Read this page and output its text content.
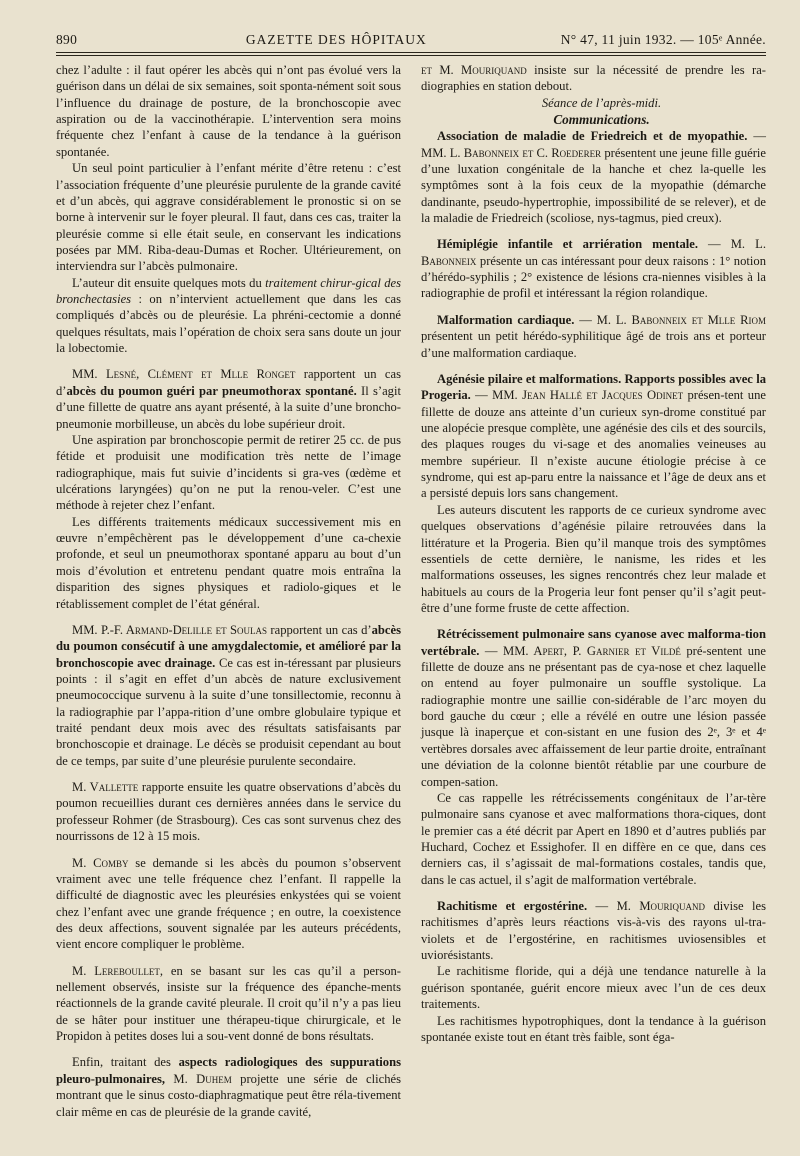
890	GAZETTE DES HÔPITAUX	N° 47, 11 juin 1932. — 105ᵉ Année.

chez l’adulte : il faut opérer les abcès qui n’ont pas évolué vers la guérison dans un délai de six semaines, soit sponta-nément soit sous l’influence du drainage de posture, de la bronchoscopie avec aspiration ou de la vaccinothérapie. L’intervention sera moins fréquente chez l’enfant à cause de la tendance à la guérison spontanée.

Un seul point particulier à l’enfant mérite d’être retenu : c’est l’association fréquente d’une pleurésie purulente de la grande cavité et d’un abcès, qui aggrave considérablement le pronostic si on se borne à intervenir sur le foyer pleural. Il faut, dans ces cas, traiter la pleurésie comme si elle était seule, en conservant les indications posées par MM. Riba-deau-Dumas et Rocher. Ultérieurement, on interviendra sur l’abcès pulmonaire.

L’auteur dit ensuite quelques mots du traitement chirur-gical des bronchectasies : on n’intervient actuellement que dans les cas compliqués d’abcès ou de pleurésie. La phréni-cectomie a donné quelques résultats, mais l’opération de choix sera sans doute un jour la lobectomie.

MM. Lesné, Clément et Mlle Ronget rapportent un cas d’abcès du poumon guéri par pneumothorax spontané. Il s’agit d’une fillette de quatre ans ayant présenté, à la suite d’une broncho-pneumonie morbilleuse, un abcès du lobe supérieur droit.

Une aspiration par bronchoscopie permit de retirer 25 cc. de pus fétide et produisit une modification très nette de l’image radiographique, mais fut suivie d’incidents si gra-ves (œdème et ulcérations laryngées) qu’on ne put la renou-veler. C’est une méthode à rejeter chez l’enfant.

Les différents traitements médicaux successivement mis en œuvre n’empêchèrent pas le développement d’une ca-chexie profonde, et seul un pneumothorax spontané apparu au bout d’un mois d’évolution et entretenu pendant quatre mois entraîna la disparition des signes physiques et radiolo-giques et le rétablissement complet de l’état général.

MM. P.-F. Armand-Delille et Soulas rapportent un cas d’abcès du poumon consécutif à une amygdalectomie, et amélioré par la bronchoscopie avec drainage. Ce cas est in-téressant par plusieurs points : il s’agit en effet d’un abcès de nature exclusivement pneumococcique survenu à la suite d’une tonsillectomie, reconnu à la radiographie par l’appa-rition d’une ombre globulaire typique et traité pendant deux mois avec des résultats satisfaisants par bronchoscopie et drainage. Le décès se produisit cependant au bout de ce temps, par suite d’une pleurésie purulente secondaire.

M. Vallette rapporte ensuite les quatre observations d’abcès du poumon recueillies durant ces dernières années dans le service du professeur Rohmer (de Strasbourg). Ces cas sont survenus chez des nourrissons de 12 à 15 mois.

M. Comby se demande si les abcès du poumon s’observent vraiment avec une telle fréquence chez l’enfant. Il rappelle la difficulté de diagnostic avec les pleurésies enkystées qui se voient chez l’enfant avec une grande fréquence ; en outre, la coexistence des deux affections, souvent signalée par les auteurs précédents, vient encore compliquer le problème.

M. Lereboullet, en se basant sur les cas qu’il a person-nellement observés, insiste sur la fréquence des épanche-ments réactionnels de la grande cavité pleurale. Il croit qu’il n’y a pas lieu de se hâter pour instituer une thérapeu-tique chirurgicale, et le Propidon à petites doses lui a sou-vent donné de bons résultats.

Enfin, traitant des aspects radiologiques des suppurations pleuro-pulmonaires, M. Duhem projette une série de clichés montrant que le sinus costo-diaphragmatique peut être réla-tivement clair même en cas de pleurésie de la grande cavité,

et M. Mouriquand insiste sur la nécessité de prendre les ra-diographies en station debout.

Séance de l’après-midi.

Communications.

Association de maladie de Friedreich et de myopathie. — MM. L. Babonneix et C. Roederer présentent une jeune fille guérie d’une luxation congénitale de la hanche et chez la-quelle les symptômes sont à la fois ceux de la myopathie (démarche dandinante, pseudo-hypertrophie, impossibilité de se relever), et de la maladie de Friedreich (scoliose, nys-tagmus, pied creux).

Hémiplégie infantile et arriération mentale. — M. L. Babonneix présente un cas intéressant pour deux raisons : 1° notion d’hérédo-syphilis ; 2° existence de lésions cra-niennes visibles à la radiographie de profil et intéressant la région rolandique.

Malformation cardiaque. — M. L. Babonneix et Mlle Riom présentent un petit hérédo-syphilitique âgé de trois ans et porteur d’une malformation cardiaque.

Agénésie pilaire et malformations. Rapports possibles avec la Progeria. — MM. Jean Hallé et Jacques Odinet présen-tent une fillette de douze ans atteinte d’un curieux syn-drome constitué par une alopécie presque complète, une agénésie des cils et des sourcils, des plaques rouges du vi-sage et des anomalies veineuses au membre supérieur. Il n’existe aucune étiologie précise à ce syndrome, qui est ap-paru entre la naissance et l’âge de deux ans et a persisté depuis lors sans changement.

Les auteurs discutent les rapports de ce curieux syndrome avec quelques observations d’agénésie pilaire retrouvées dans la littérature et la Progeria. Bien qu’il manque trois des symptômes essentiels de cette dernière, le nanisme, les rides et les malformations osseuses, les signes rencontrés chez leur malade et habituels au cours de la Progeria leur font penser qu’il s’agit peut-être d’une forme fruste de cette affection.

Rétrécissement pulmonaire sans cyanose avec malforma-tion vertébrale. — MM. Apert, P. Garnier et Vildé pré-sentent une fillette de douze ans ne présentant pas de cya-nose et chez laquelle on entend au foyer pulmonaire un souffle systolique. La radiographie montre une saillie con-sidérable de l’arc moyen du bord gauche du cœur ; elle a révélé en outre une lésion passée jusque là inaperçue et con-sistant en une fusion des 2ᵉ, 3ᵉ et 4ᵉ vertèbres dorsales avec affaissement de leur partie droite, entraînant une déviation de la colonne bientôt rétablie par une courbure de compen-sation.

Ce cas rappelle les rétrécissements congénitaux de l’ar-tère pulmonaire sans cyanose et avec malformations thora-ciques, dont le premier cas a été décrit par Apert en 1890 et d’autres publiés par Huchard, Cochez et Essighofer. Il en diffère en ce que, dans ces derniers cas, il s’agissait de mal-formations costales, tandis que, dans le cas actuel, il s’agit de malformation vertébrale.

Rachitisme et ergostérine. — M. Mouriquand divise les rachitismes d’après leurs réactions vis-à-vis des rayons ul-tra-violets et de l’ergostérine, en rachitismes uviosensibles et uviorésistants.

Le rachitisme floride, qui a déjà une tendance naturelle à la guérison spontanée, guérit encore mieux avec l’un de ces deux traitements.

Les rachitismes hypotrophiques, dont la tendance à la guérison spontanée existe tout en étant très faible, sont éga-
